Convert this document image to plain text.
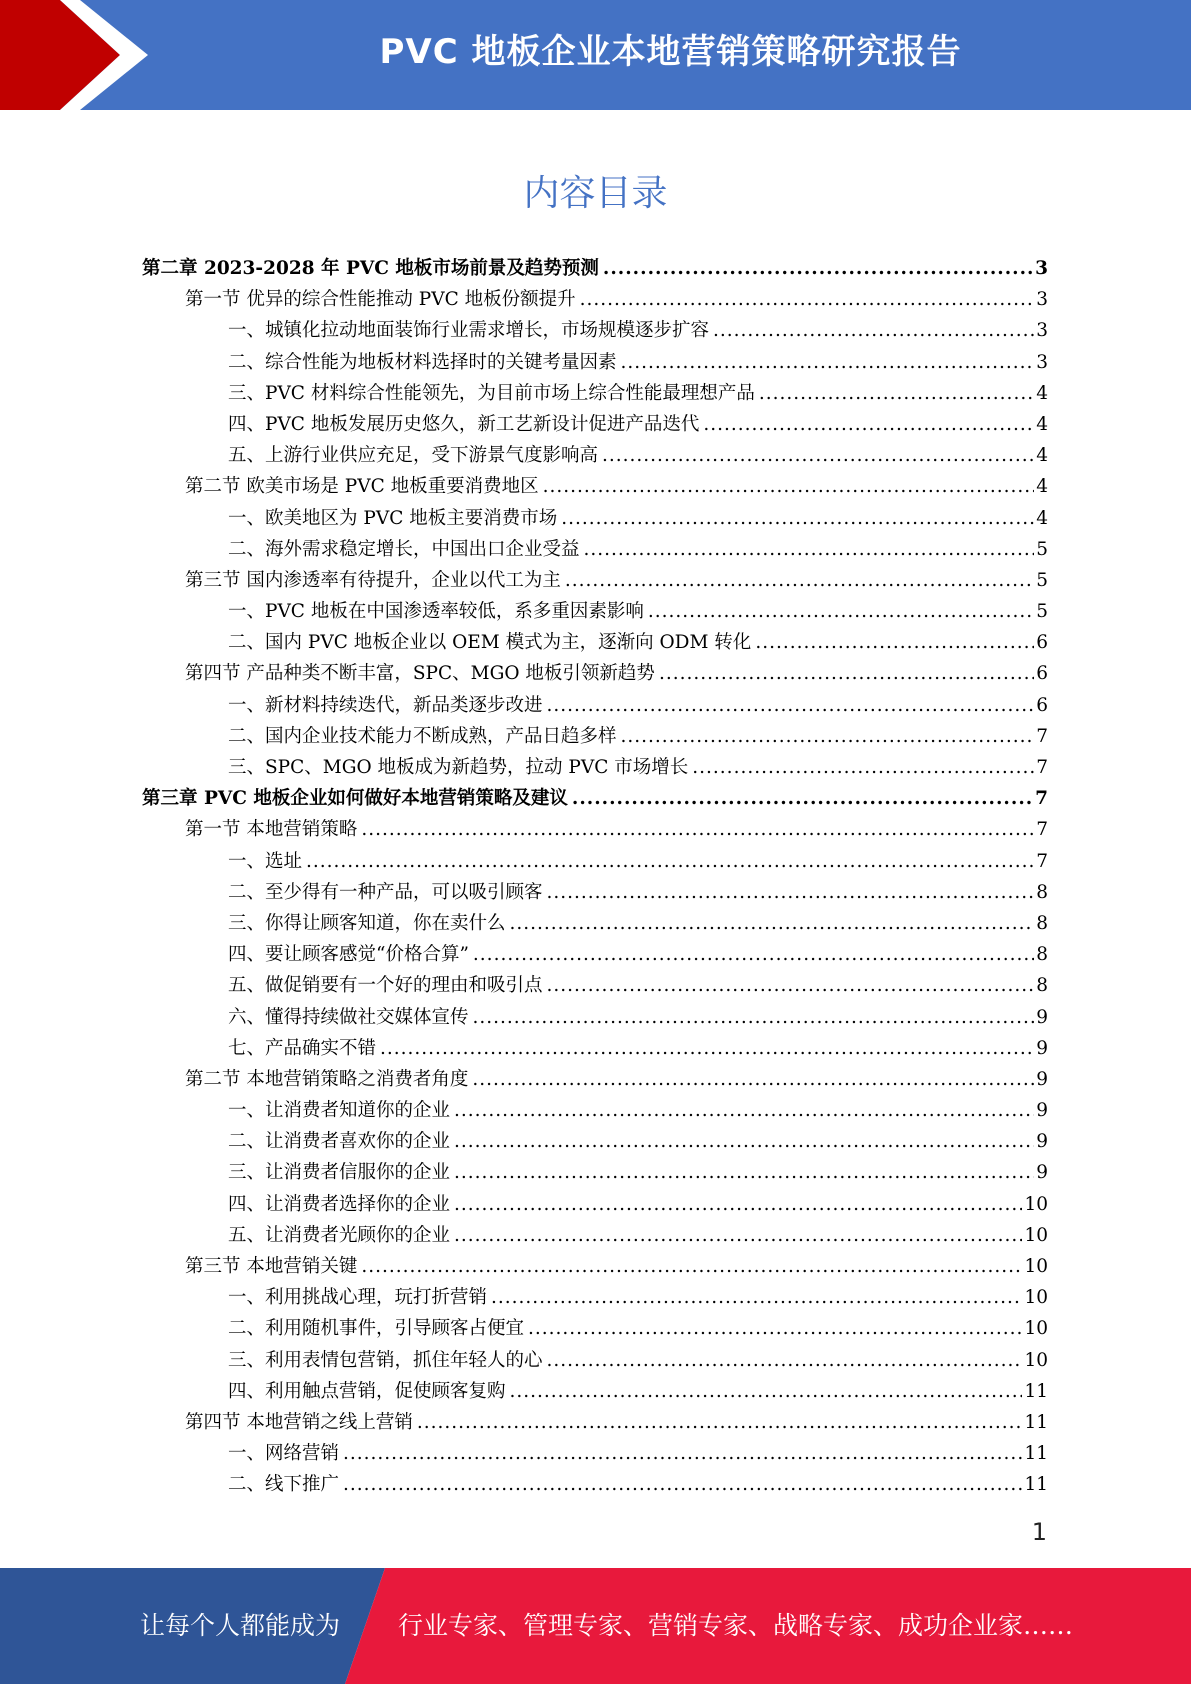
PVC 地板企业本地营销策略研究报告
内容目录
第二章 2023-2028 年 PVC 地板市场前景及趋势预测 .....	3
第一节 优异的综合性能推动 PVC 地板份额提升 .....	3
一、城镇化拉动地面装饰行业需求增长，市场规模逐步扩容 .....	3
二、综合性能为地板材料选择时的关键考量因素 .....	3
三、PVC 材料综合性能领先，为目前市场上综合性能最理想产品 .....	4
四、PVC 地板发展历史悠久，新工艺新设计促进产品迭代 .....	4
五、上游行业供应充足，受下游景气度影响高 .....	4
第二节 欧美市场是 PVC 地板重要消费地区 .....	4
一、欧美地区为 PVC 地板主要消费市场 .....	4
二、海外需求稳定增长，中国出口企业受益 .....	5
第三节 国内渗透率有待提升，企业以代工为主 .....	5
一、PVC 地板在中国渗透率较低，系多重因素影响 .....	5
二、国内 PVC 地板企业以 OEM 模式为主，逐渐向 ODM 转化 .....	6
第四节 产品种类不断丰富，SPC、MGO 地板引领新趋势 .....	6
一、新材料持续迭代，新品类逐步改进 .....	6
二、国内企业技术能力不断成熟，产品日趋多样 .....	7
三、SPC、MGO 地板成为新趋势，拉动 PVC 市场增长 .....	7
第三章 PVC 地板企业如何做好本地营销策略及建议 .....	7
第一节 本地营销策略 .....	7
一、选址 .....	7
二、至少得有一种产品，可以吸引顾客 .....	8
三、你得让顾客知道，你在卖什么 .....	8
四、要让顾客感觉“价格合算” .....	8
五、做促销要有一个好的理由和吸引点 .....	8
六、懂得持续做社交媒体宣传 .....	9
七、产品确实不错 .....	9
第二节 本地营销策略之消费者角度 .....	9
一、让消费者知道你的企业 .....	9
二、让消费者喜欢你的企业 .....	9
三、让消费者信服你的企业 .....	9
四、让消费者选择你的企业 .....	10
五、让消费者光顾你的企业 .....	10
第三节 本地营销关键 .....	10
一、利用挑战心理，玩打折营销 .....	10
二、利用随机事件，引导顾客占便宜 .....	10
三、利用表情包营销，抓住年轻人的心 .....	10
四、利用触点营销，促使顾客复购 .....	11
第四节 本地营销之线上营销 .....	11
一、网络营销 .....	11
二、线下推广 .....	11
1
让每个人都能成为 行业专家、管理专家、营销专家、战略专家、成功企业家……
